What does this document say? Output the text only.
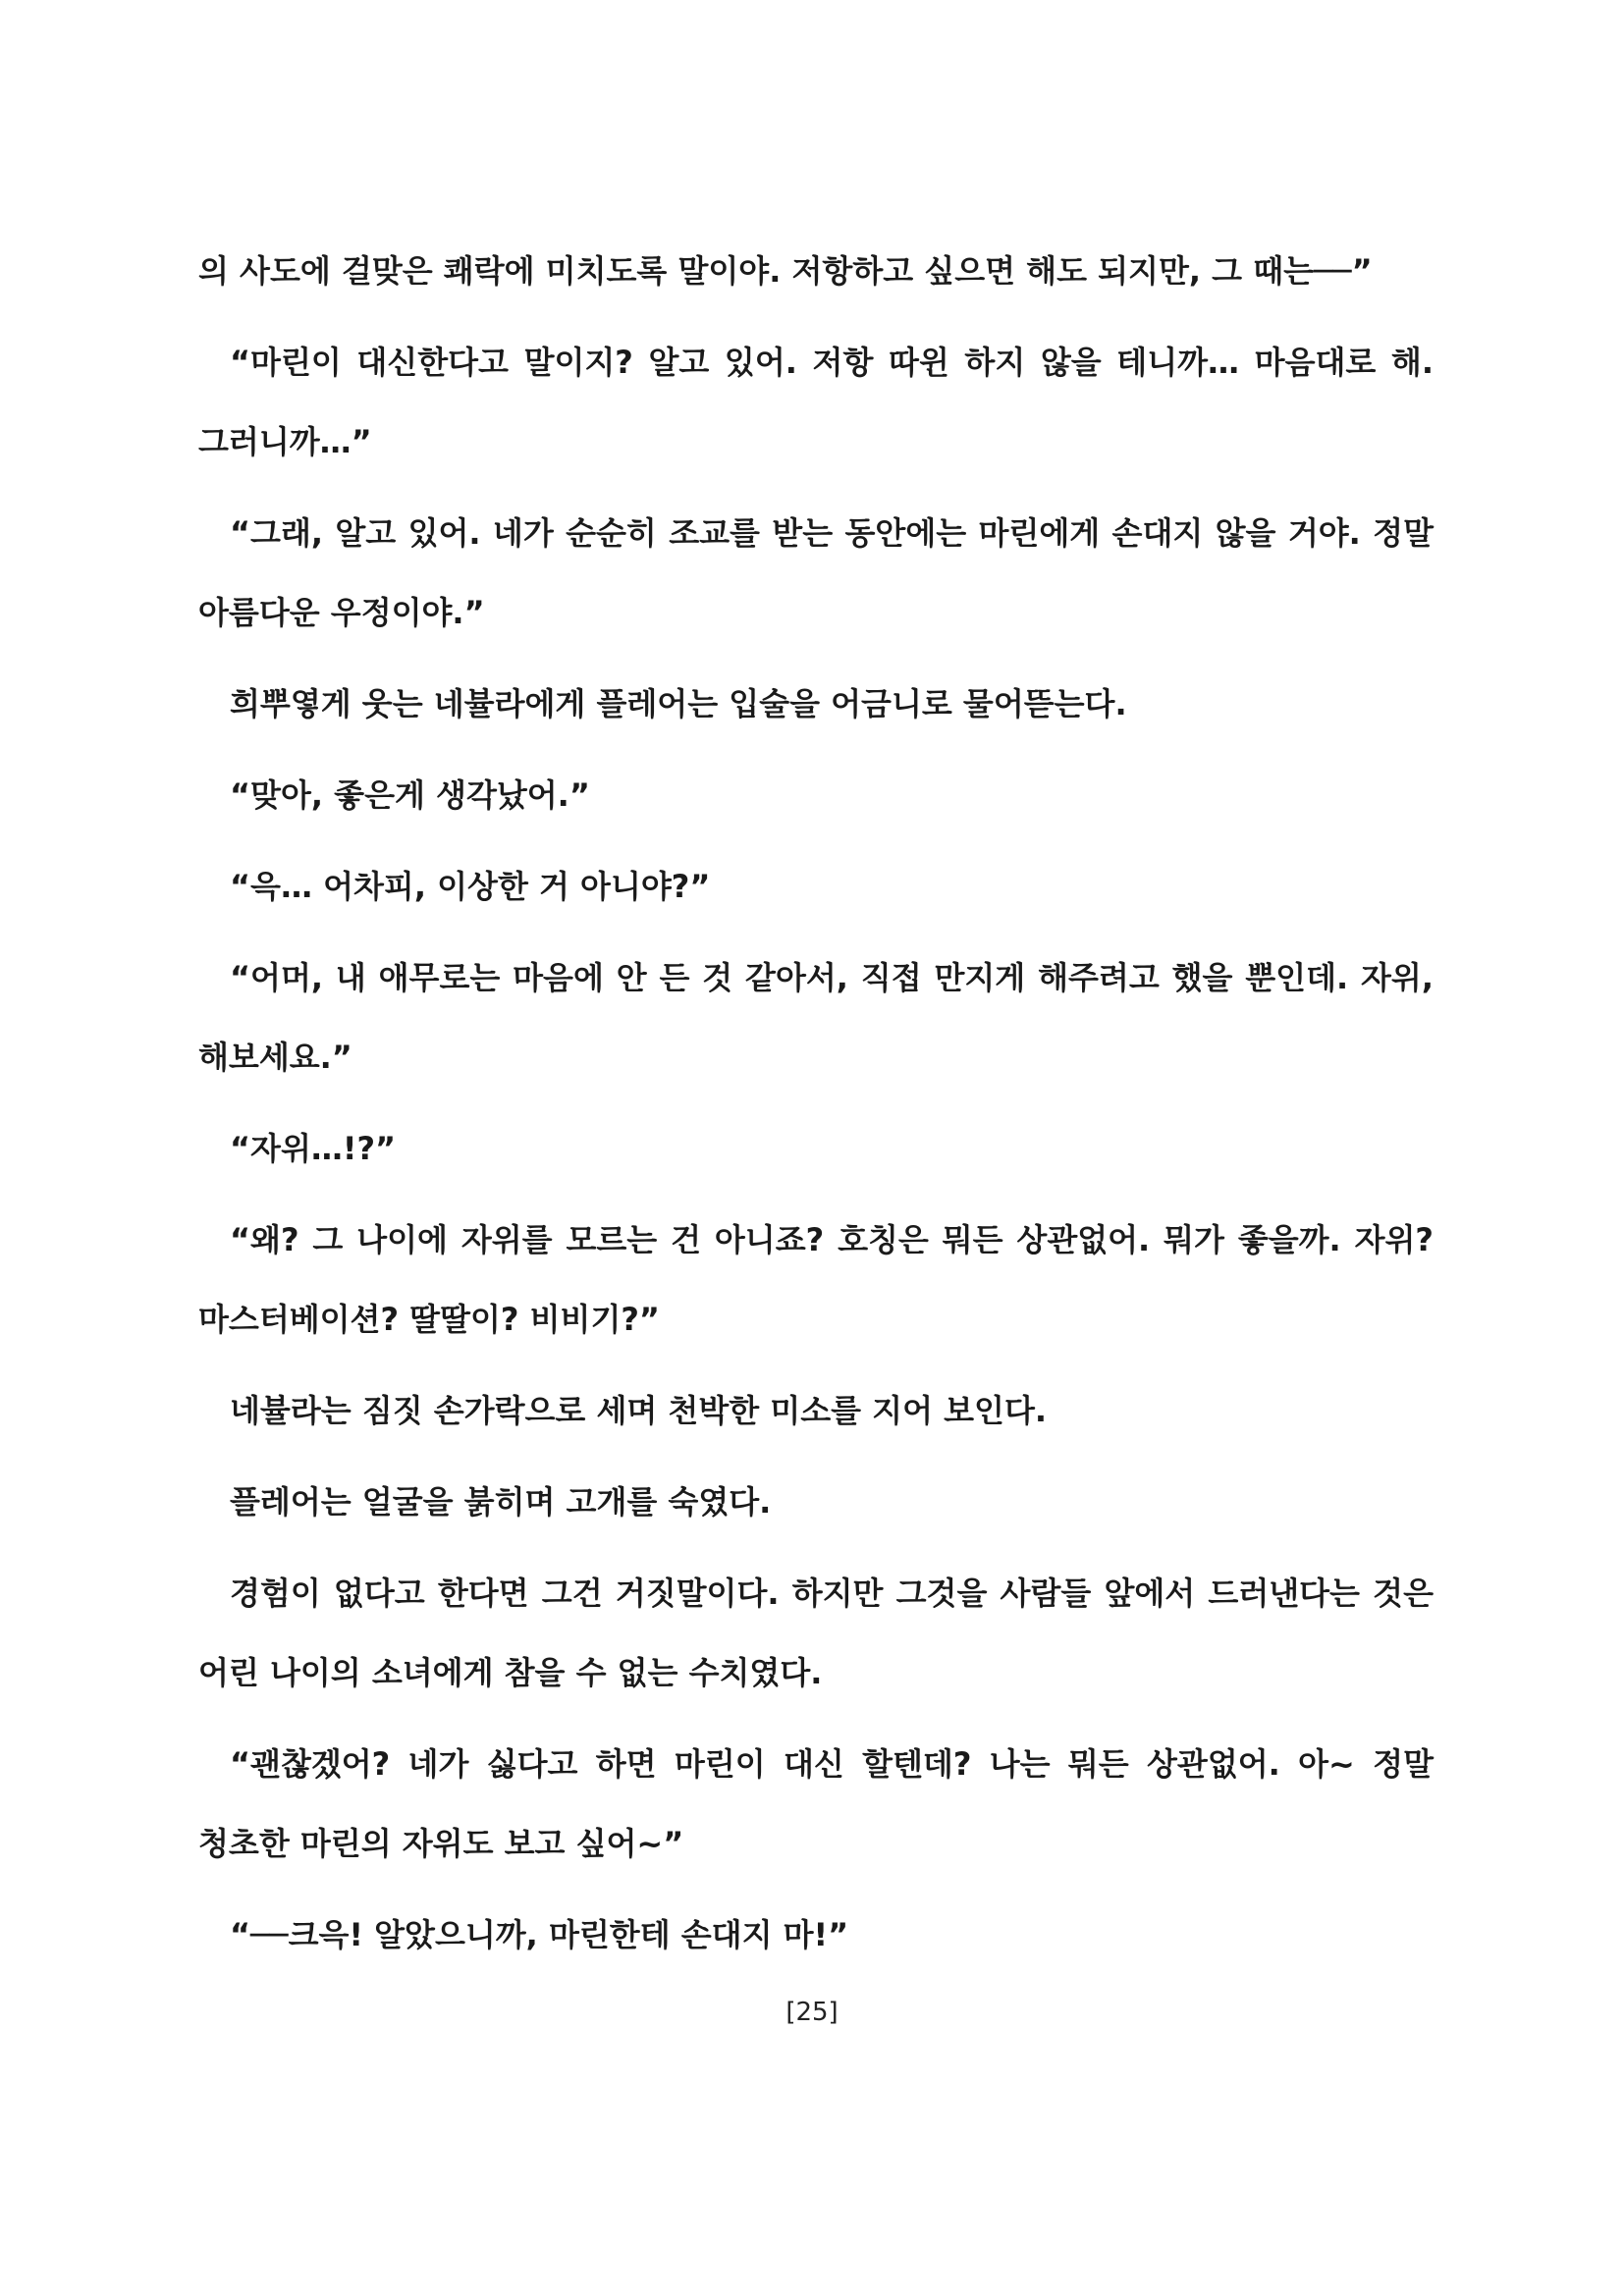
의 사도에 걸맞은 쾌락에 미치도록 말이야. 저항하고 싶으면 해도 되지만, 그 때는──”

“마린이 대신한다고 말이지? 알고 있어. 저항 따윈 하지 않을 테니까… 마음대로 해. 그러니까…”

“그래, 알고 있어. 네가 순순히 조교를 받는 동안에는 마린에게 손대지 않을 거야. 정말 아름다운 우정이야.”

희뿌옇게 웃는 네뷸라에게 플레어는 입술을 어금니로 물어뜯는다.

“맞아, 좋은게 생각났어.”

“윽… 어차피, 이상한 거 아니야?”

“어머, 내 애무로는 마음에 안 든 것 같아서, 직접 만지게 해주려고 했을 뿐인데. 자위, 해보세요.”

“자위…!?”

“왜? 그 나이에 자위를 모르는 건 아니죠? 호칭은 뭐든 상관없어. 뭐가 좋을까. 자위? 마스터베이션? 딸딸이? 비비기?”

네뷸라는 짐짓 손가락으로 세며 천박한 미소를 지어 보인다.

플레어는 얼굴을 붉히며 고개를 숙였다.

경험이 없다고 한다면 그건 거짓말이다. 하지만 그것을 사람들 앞에서 드러낸다는 것은 어린 나이의 소녀에게 참을 수 없는 수치였다.

“괜찮겠어? 네가 싫다고 하면 마린이 대신 할텐데? 나는 뭐든 상관없어. 아~ 정말 청초한 마린의 자위도 보고 싶어~”

“──크윽! 알았으니까, 마린한테 손대지 마!”

[25]
